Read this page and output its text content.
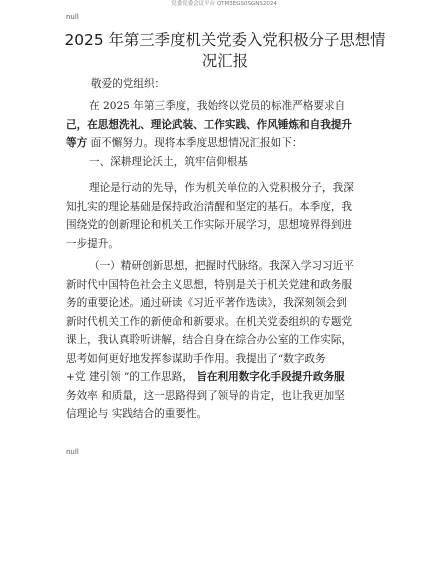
党委党委会议平台 QTM3EGS0SGNS2024
null
2025 年第三季度机关党委入党积极分子思想情
况汇报
敬爱的党组织：
在 2025 年第三季度，我始终以党员的标准严格要求自
己，在思想洗礼、理论武装、工作实践、作风锤炼和自我提升
等方 面不懈努力。现将本季度思想情况汇报如下：
一、深耕理论沃土，筑牢信仰根基
理论是行动的先导，作为机关单位的入党积极分子，我深
知扎实的理论基础是保持政治清醒和坚定的基石。本季度，我
围绕党的创新理论和机关工作实际开展学习，思想境界得到进
一步提升。
（一）精研创新思想，把握时代脉络。我深入学习习近平
新时代中国特色社会主义思想，特别是关于机关党建和政务服
务的重要论述。通过研读《习近平著作选读》，我深刻领会到
新时代机关工作的新使命和新要求。在机关党委组织的专题党
课上，我认真聆听讲解，结合自身在综合办公室的工作实际，
思考如何更好地发挥参谋助手作用。我提出了“数字政务
+党 建引领 ”的工作思路， 旨在利用数字化手段提升政务服
务效率 和质量，这一思路得到了领导的肯定，也让我更加坚
信理论与 实践结合的重要性。
null
